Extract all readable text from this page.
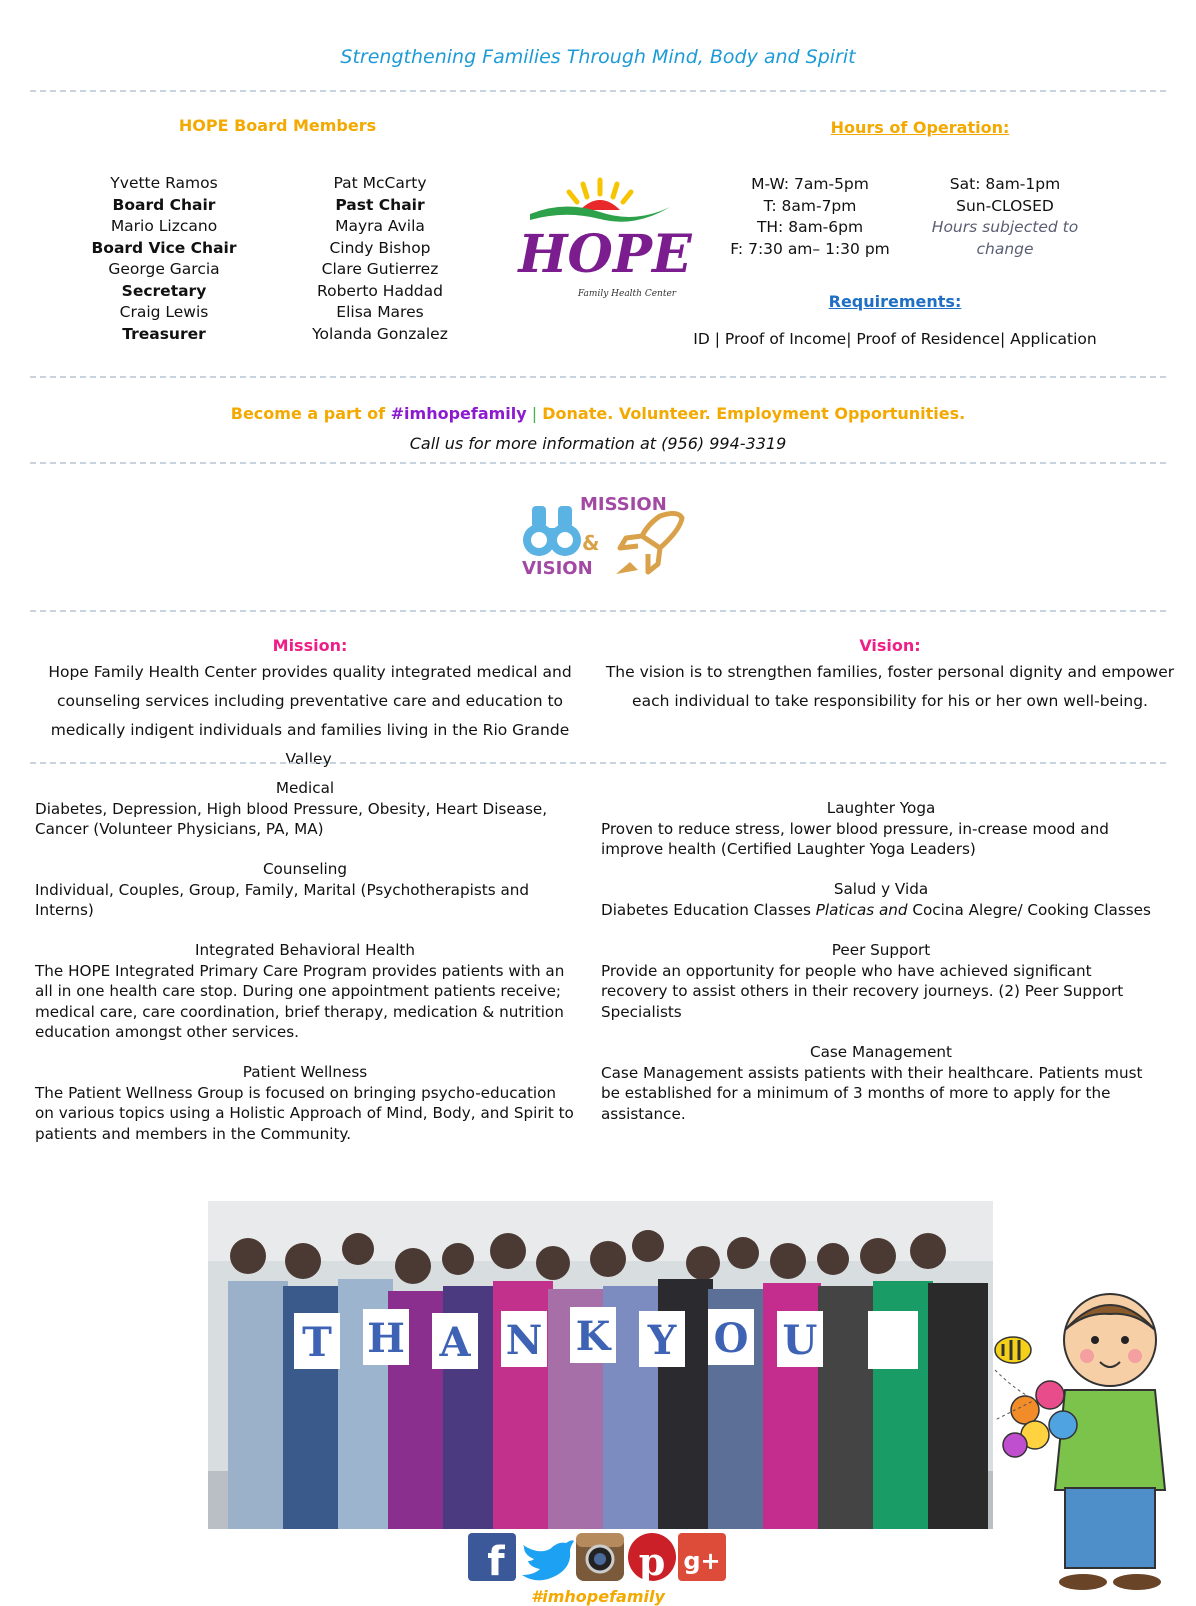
Strengthening Families Through Mind, Body and Spirit
HOPE Board Members
Yvette Ramos
Board Chair
Mario Lizcano
Board Vice Chair
George Garcia
Secretary
Craig Lewis
Treasurer
Pat McCarty
Past Chair
Mayra Avila
Cindy Bishop
Clare Gutierrez
Roberto Haddad
Elisa Mares
Yolanda Gonzalez
HOPE
Family Health Center
Hours of Operation:
M-W: 7am-5pm
T: 8am-7pm
TH: 8am-6pm
F: 7:30 am– 1:30 pm
Sat: 8am-1pm
Sun-CLOSED
Hours subjected to change
Requirements:
ID | Proof of Income| Proof of Residence| Application
Become a part of #imhopefamily | Donate. Volunteer. Employment Opportunities.
Call us for more information at (956) 994-3319
MISSION
&
VISION
Mission:
Hope Family Health Center provides quality integrated medical and counseling services including preventative care and education to medically indigent individuals and families living in the Rio Grande Valley.
Vision:
The vision is to strengthen families, foster personal dignity and empower each individual to take responsibility for his or her own well-being.
Medical
Diabetes, Depression, High blood Pressure, Obesity, Heart Disease, Cancer (Volunteer Physicians, PA, MA)
Counseling
Individual, Couples, Group, Family, Marital (Psychotherapists and Interns)
Integrated Behavioral Health
The HOPE Integrated Primary Care Program provides patients with an all in one health care stop. During one appointment patients receive; medical care, care coordination, brief therapy, medication & nutrition education amongst other services.
Patient Wellness
The Patient Wellness Group is focused on bringing psycho-education on various topics using a Holistic Approach of Mind, Body, and Spirit to patients and members in the Community.
Laughter Yoga
Proven to reduce stress, lower blood pressure, in-crease mood and improve health (Certified Laughter Yoga Leaders)
Salud y Vida
Diabetes Education Classes Platicas and Cocina Alegre/ Cooking Classes
Peer Support
Provide an opportunity for people who have achieved significant recovery to assist others in their recovery journeys. (2) Peer Support Specialists
Case Management
Case Management assists patients with their healthcare. Patients must be established for a minimum of 3 months of more to apply for the assistance.
T H A N K Y O U
f	p g+
#imhopefamily
